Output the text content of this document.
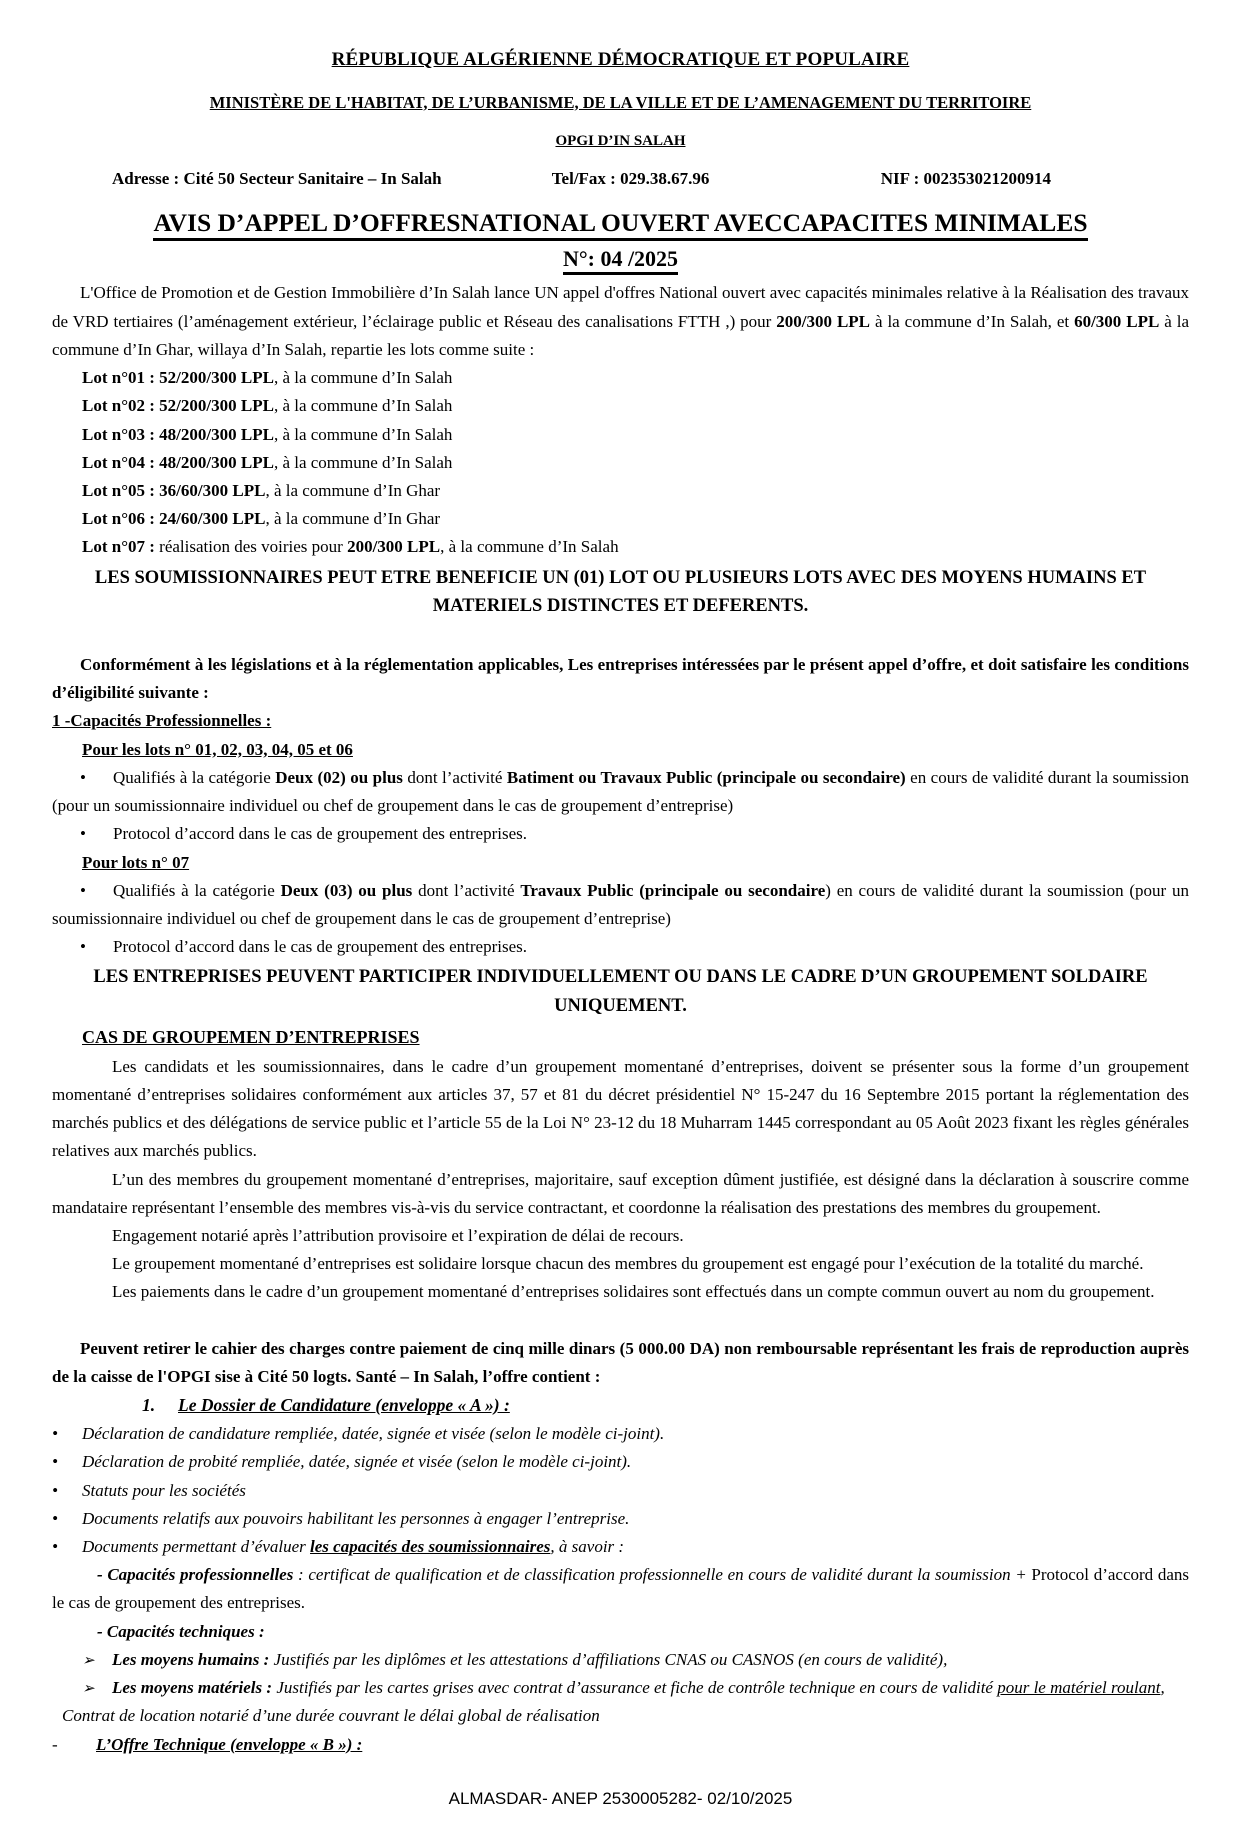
RÉPUBLIQUE ALGÉRIENNE DÉMOCRATIQUE ET POPULAIRE

MINISTÈRE DE L'HABITAT, DE L’URBANISME, DE LA VILLE ET DE L’AMENAGEMENT DU TERRITOIRE

OPGI D’IN SALAH

Adresse : Cité 50 Secteur Sanitaire – In Salah	Tel/Fax : 029.38.67.96	NIF : 002353021200914

AVIS D’APPEL D’OFFRESNATIONAL OUVERT AVECCAPACITES MINIMALES

N°: 04 /2025

L'Office de Promotion et de Gestion Immobilière d’In Salah lance UN appel d'offres National ouvert avec capacités minimales relative à la Réalisation des travaux de VRD tertiaires (l’aménagement extérieur, l’éclairage public et Réseau des canalisations FTTH ,) pour 200/300 LPL à la commune d’In Salah, et 60/300 LPL à la commune d’In Ghar, willaya d’In Salah, repartie les lots comme suite :

Lot n°01 : 52/200/300 LPL, à la commune d’In Salah

Lot n°02 : 52/200/300 LPL, à la commune d’In Salah

Lot n°03 : 48/200/300 LPL, à la commune d’In Salah

Lot n°04 : 48/200/300 LPL, à la commune d’In Salah

Lot n°05 : 36/60/300 LPL, à la commune d’In Ghar

Lot n°06 : 24/60/300 LPL, à la commune d’In Ghar

Lot n°07 : réalisation des voiries pour 200/300 LPL, à la commune d’In Salah

LES SOUMISSIONNAIRES PEUT ETRE BENEFICIE UN (01) LOT OU PLUSIEURS LOTS AVEC DES MOYENS HUMAINS ET MATERIELS DISTINCTES ET DEFERENTS.

Conformément à les législations et à la réglementation applicables, Les entreprises intéressées par le présent appel d’offre, et doit satisfaire les conditions d’éligibilité suivante :

1 -Capacités Professionnelles :

Pour les lots n° 01, 02, 03, 04, 05 et 06

• Qualifiés à la catégorie Deux (02) ou plus dont l’activité Batiment ou Travaux Public (principale ou secondaire) en cours de validité durant la soumission (pour un soumissionnaire individuel ou chef de groupement dans le cas de groupement d’entreprise)

• Protocol d’accord dans le cas de groupement des entreprises.

Pour lots n° 07

• Qualifiés à la catégorie Deux (03) ou plus dont l’activité Travaux Public (principale ou secondaire) en cours de validité durant la soumission (pour un soumissionnaire individuel ou chef de groupement dans le cas de groupement d’entreprise)

• Protocol d’accord dans le cas de groupement des entreprises.

LES ENTREPRISES PEUVENT PARTICIPER INDIVIDUELLEMENT OU DANS LE CADRE D’UN GROUPEMENT SOLDAIRE UNIQUEMENT.

CAS DE GROUPEMEN D’ENTREPRISES

Les candidats et les soumissionnaires, dans le cadre d’un groupement momentané d’entreprises, doivent se présenter sous la forme d’un groupement momentané d’entreprises solidaires conformément aux articles 37, 57 et 81 du décret présidentiel N° 15-247 du 16 Septembre 2015 portant la réglementation des marchés publics et des délégations de service public et l’article 55 de la Loi N° 23-12 du 18 Muharram 1445 correspondant au 05 Août 2023 fixant les règles générales relatives aux marchés publics.

L’un des membres du groupement momentané d’entreprises, majoritaire, sauf exception dûment justifiée, est désigné dans la déclaration à souscrire comme mandataire représentant l’ensemble des membres vis-à-vis du service contractant, et coordonne la réalisation des prestations des membres du groupement.

Engagement notarié après l’attribution provisoire et l’expiration de délai de recours.

Le groupement momentané d’entreprises est solidaire lorsque chacun des membres du groupement est engagé pour l’exécution de la totalité du marché.

Les paiements dans le cadre d’un groupement momentané d’entreprises solidaires sont effectués dans un compte commun ouvert au nom du groupement.

Peuvent retirer le cahier des charges contre paiement de cinq mille dinars (5 000.00 DA) non remboursable représentant les frais de reproduction auprès de la caisse de l'OPGI sise à Cité 50 logts. Santé – In Salah, l’offre contient :

1. Le Dossier de Candidature (enveloppe « A ») :

• Déclaration de candidature rempliée, datée, signée et visée (selon le modèle ci-joint).

• Déclaration de probité rempliée, datée, signée et visée (selon le modèle ci-joint).

• Statuts pour les sociétés

• Documents relatifs aux pouvoirs habilitant les personnes à engager l’entreprise.

• Documents permettant d’évaluer les capacités des soumissionnaires, à savoir :

- Capacités professionnelles : certificat de qualification et de classification professionnelle en cours de validité durant la soumission + Protocol d’accord dans le cas de groupement des entreprises.

- Capacités techniques :

➢ Les moyens humains : Justifiés par les diplômes et les attestations d’affiliations CNAS ou CASNOS (en cours de validité),

➢ Les moyens matériels : Justifiés par les cartes grises avec contrat d’assurance et fiche de contrôle technique en cours de validité pour le matériel roulant,

Contrat de location notarié d’une durée couvrant le délai global de réalisation

- L’Offre Technique (enveloppe « B ») :

ALMASDAR- ANEP 2530005282- 02/10/2025
